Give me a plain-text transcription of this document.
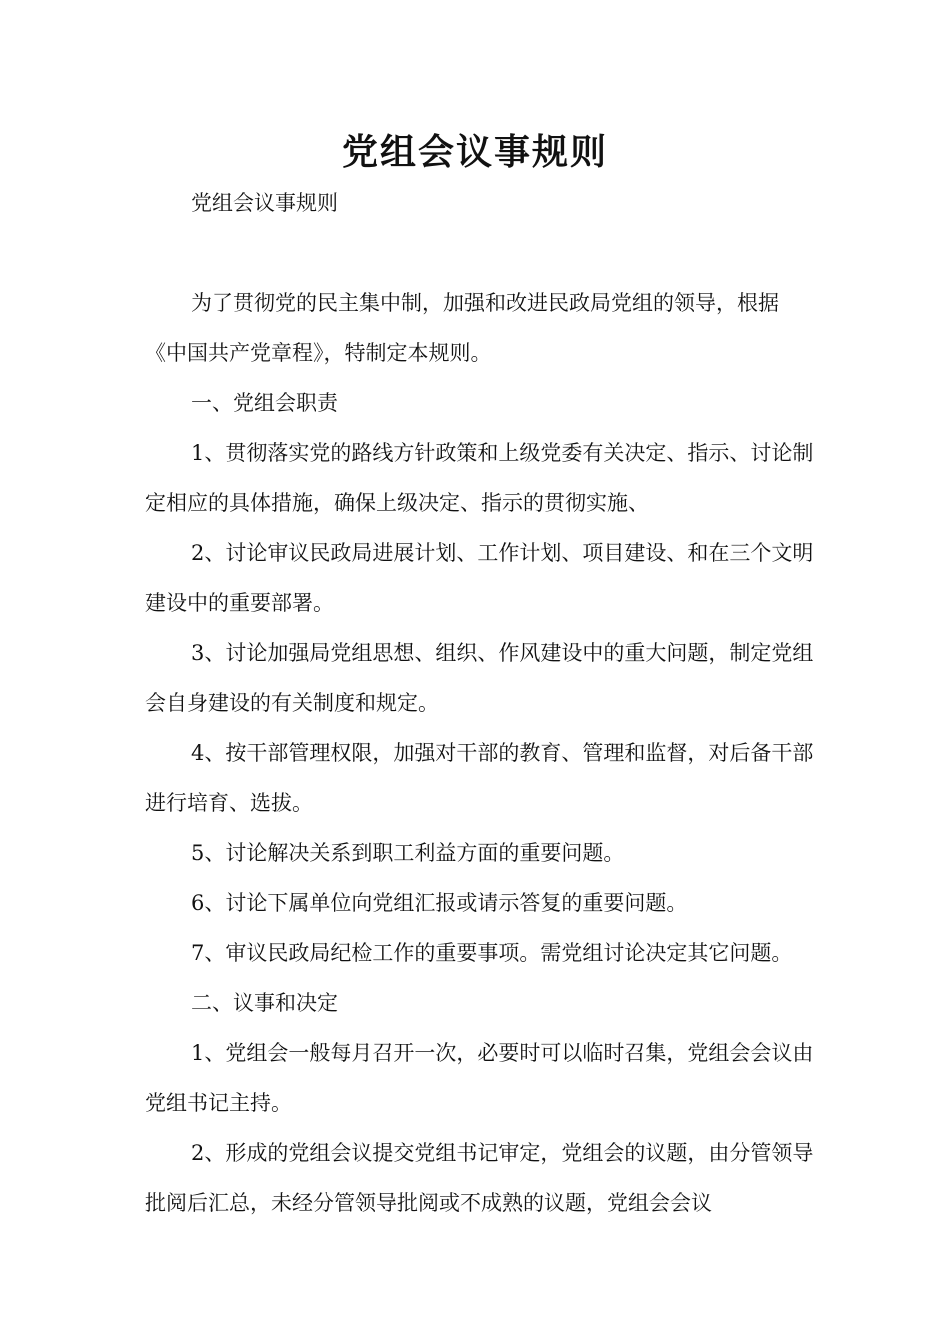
党组会议事规则

党组会议事规则

为了贯彻党的民主集中制，加强和改进民政局党组的领导，根据《中国共产党章程》，特制定本规则。

一、党组会职责

1、贯彻落实党的路线方针政策和上级党委有关决定、指示、讨论制定相应的具体措施，确保上级决定、指示的贯彻实施、

2、讨论审议民政局进展计划、工作计划、项目建设、和在三个文明建设中的重要部署。

3、讨论加强局党组思想、组织、作风建设中的重大问题，制定党组会自身建设的有关制度和规定。

4、按干部管理权限，加强对干部的教育、管理和监督，对后备干部进行培育、选拔。

5、讨论解决关系到职工利益方面的重要问题。

6、讨论下属单位向党组汇报或请示答复的重要问题。

7、审议民政局纪检工作的重要事项。需党组讨论决定其它问题。

二、议事和决定

1、党组会一般每月召开一次，必要时可以临时召集，党组会会议由党组书记主持。

2、形成的党组会议提交党组书记审定，党组会的议题，由分管领导批阅后汇总，未经分管领导批阅或不成熟的议题，党组会会议
